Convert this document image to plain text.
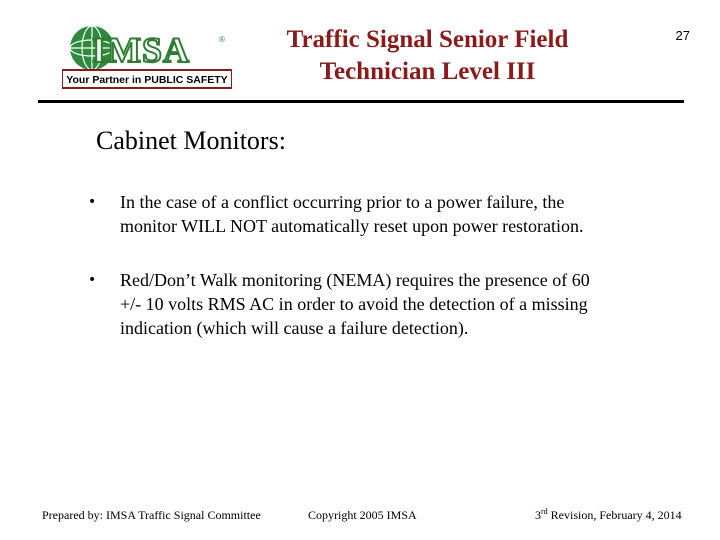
IMSA	®
Your Partner in PUBLIC SAFETY
Traffic Signal Senior Field
Technician Level III
27
Cabinet Monitors:
• In the case of a conflict occurring prior to a power failure, the monitor WILL NOT automatically reset upon power restoration.
• Red/Don’t Walk monitoring (NEMA) requires the presence of 60 +/- 10 volts RMS AC in order to avoid the detection of a missing indication (which will cause a failure detection).
Prepared by: IMSA Traffic Signal Committee	Copyright 2005 IMSA	3rd Revision, February 4, 2014
